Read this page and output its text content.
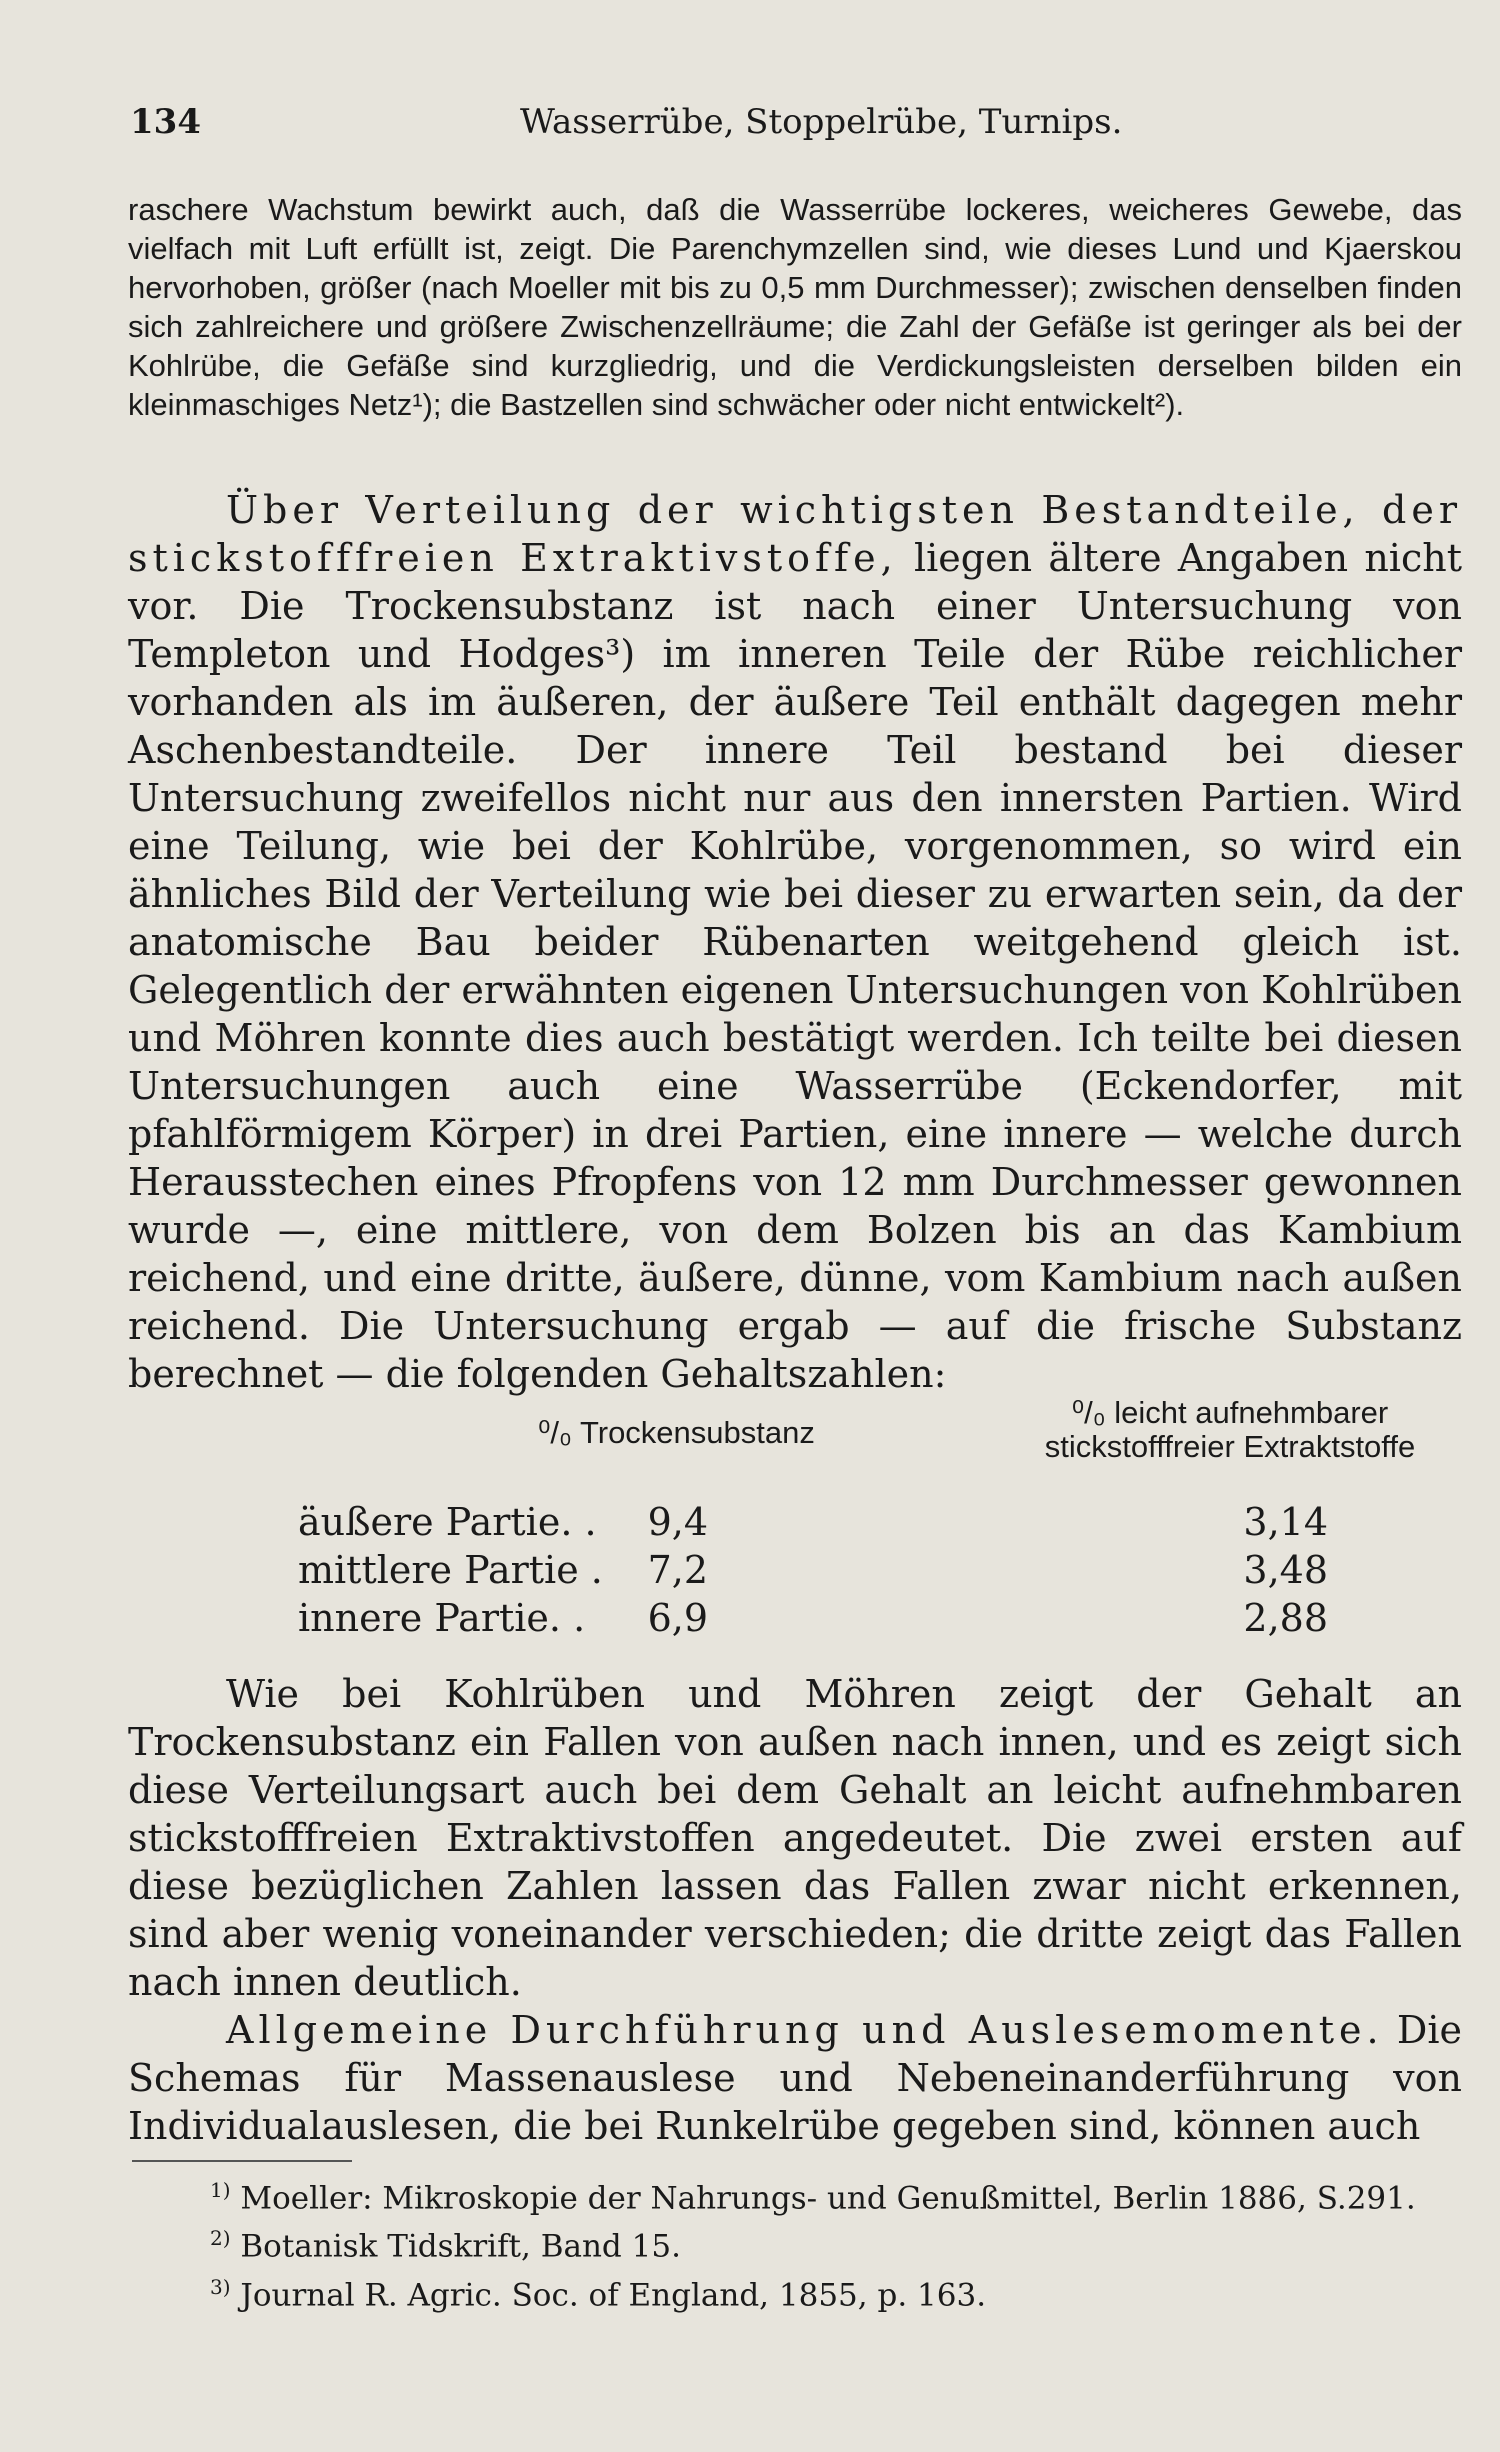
134	Wasserrübe, Stoppelrübe, Turnips.
raschere Wachstum bewirkt auch, daß die Wasserrübe lockeres, weicheres Gewebe, das vielfach mit Luft erfüllt ist, zeigt. Die Parenchymzellen sind, wie dieses Lund und Kjaerskou hervorhoben, größer (nach Moeller mit bis zu 0,5 mm Durchmesser); zwischen denselben finden sich zahlreichere und größere Zwischenzellräume; die Zahl der Gefäße ist geringer als bei der Kohlrübe, die Gefäße sind kurzgliedrig, und die Verdickungsleisten derselben bilden ein kleinmaschiges Netz¹); die Bastzellen sind schwächer oder nicht entwickelt²).

Über Verteilung der wichtigsten Bestandteile, der stickstofffreien Extraktivstoffe, liegen ältere Angaben nicht vor. Die Trockensubstanz ist nach einer Untersuchung von Templeton und Hodges³) im inneren Teile der Rübe reichlicher vorhanden als im äußeren, der äußere Teil enthält dagegen mehr Aschenbestandteile. Der innere Teil bestand bei dieser Untersuchung zweifellos nicht nur aus den innersten Partien. Wird eine Teilung, wie bei der Kohlrübe, vorgenommen, so wird ein ähnliches Bild der Verteilung wie bei dieser zu erwarten sein, da der anatomische Bau beider Rübenarten weitgehend gleich ist. Gelegentlich der erwähnten eigenen Untersuchungen von Kohlrüben und Möhren konnte dies auch bestätigt werden. Ich teilte bei diesen Untersuchungen auch eine Wasserrübe (Eckendorfer, mit pfahlförmigem Körper) in drei Partien, eine innere — welche durch Herausstechen eines Pfropfens von 12 mm Durchmesser gewonnen wurde —, eine mittlere, von dem Bolzen bis an das Kambium reichend, und eine dritte, äußere, dünne, vom Kambium nach außen reichend. Die Untersuchung ergab — auf die frische Substanz berechnet — die folgenden Gehaltszahlen:

⁰/₀ Trockensubstanz
⁰/₀ leicht aufnehmbarer stickstofffreier Extraktstoffe
äußere Partie. .	9,4	3,14
mittlere Partie .	7,2	3,48
innere Partie. .	6,9	2,88

Wie bei Kohlrüben und Möhren zeigt der Gehalt an Trockensubstanz ein Fallen von außen nach innen, und es zeigt sich diese Verteilungsart auch bei dem Gehalt an leicht aufnehmbaren stickstofffreien Extraktivstoffen angedeutet. Die zwei ersten auf diese bezüglichen Zahlen lassen das Fallen zwar nicht erkennen, sind aber wenig voneinander verschieden; die dritte zeigt das Fallen nach innen deutlich.

Allgemeine Durchführung und Auslesemomente. Die Schemas für Massenauslese und Nebeneinanderführung von Individualauslesen, die bei Runkelrübe gegeben sind, können auch

$^{1)}$ Moeller: Mikroskopie der Nahrungs- und Genußmittel, Berlin 1886, S.291.
$^{2)}$ Botanisk Tidskrift, Band 15.
$^{3)}$ Journal R. Agric. Soc. of England, 1855, p. 163.
